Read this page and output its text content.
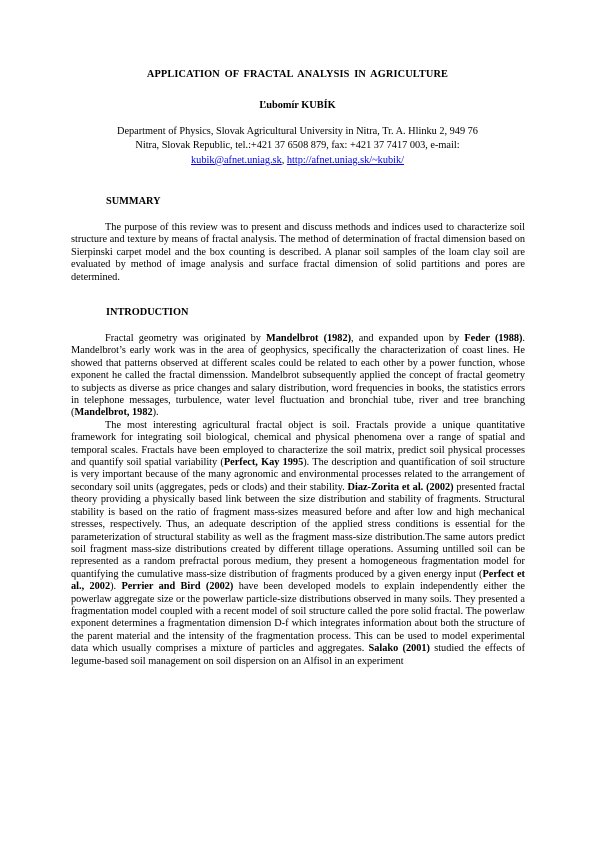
APPLICATION OF FRACTAL ANALYSIS IN AGRICULTURE
Ľubomír KUBÍK
Department of Physics, Slovak Agricultural University in Nitra, Tr. A. Hlinku 2, 949 76
Nitra, Slovak Republic, tel.:+421 37 6508 879, fax: +421 37 7417 003, e-mail:
kubik@afnet.uniag.sk, http://afnet.uniag.sk/~kubik/
SUMMARY

The purpose of this review was to present and discuss methods and indices used to characterize soil structure and texture by means of fractal analysis. The method of determination of fractal dimension based on Sierpinski carpet model and the box counting is described. A planar soil samples of the loam clay soil are evaluated by method of image analysis and surface fractal dimension of solid partitions and pores are determined.

INTRODUCTION

Fractal geometry was originated by Mandelbrot (1982), and expanded upon by Feder (1988). Mandelbrot’s early work was in the area of geophysics, specifically the characterization of coast lines. He showed that patterns observed at different scales could be related to each other by a power function, whose exponent he called the fractal dimenssion. Mandelbrot subsequently applied the concept of fractal geometry to subjects as diverse as price changes and salary distribution, word frequencies in books, the statistics errors in telephone messages, turbulence, water level fluctuation and bronchial tube, river and tree branching (Mandelbrot, 1982).

The most interesting agricultural fractal object is soil. Fractals provide a unique quantitative framework for integrating soil biological, chemical and physical phenomena over a range of spatial and temporal scales. Fractals have been employed to characterize the soil matrix, predict soil physical processes and quantify soil spatial variability (Perfect, Kay 1995). The description and quantification of soil structure is very important because of the many agronomic and environmental processes related to the arrangement of secondary soil units (aggregates, peds or clods) and their stability. Diaz-Zorita et al. (2002) presented fractal theory providing a physically based link between the size distribution and stability of fragments. Structural stability is based on the ratio of fragment mass-sizes measured before and after low and high mechanical stresses, respectively. Thus, an adequate description of the applied stress conditions is essential for the parameterization of structural stability as well as the fragment mass-size distribution.The same autors predict soil fragment mass-size distributions created by different tillage operations. Assuming untilled soil can be represented as a random prefractal porous medium, they present a homogeneous fragmentation model for quantifying the cumulative mass-size distribution of fragments produced by a given energy input (Perfect et al., 2002). Perrier and Bird (2002) have been developed models to explain independently either the powerlaw aggregate size or the powerlaw particle-size distributions observed in many soils. They presented a fragmentation model coupled with a recent model of soil structure called the pore solid fractal. The powerlaw exponent determines a fragmentation dimension D-f which integrates information about both the structure of the parent material and the intensity of the fragmentation process. This can be used to model experimental data which usually comprises a mixture of particles and aggregates. Salako (2001) studied the effects of legume-based soil management on soil dispersion on an Alfisol in an experiment
